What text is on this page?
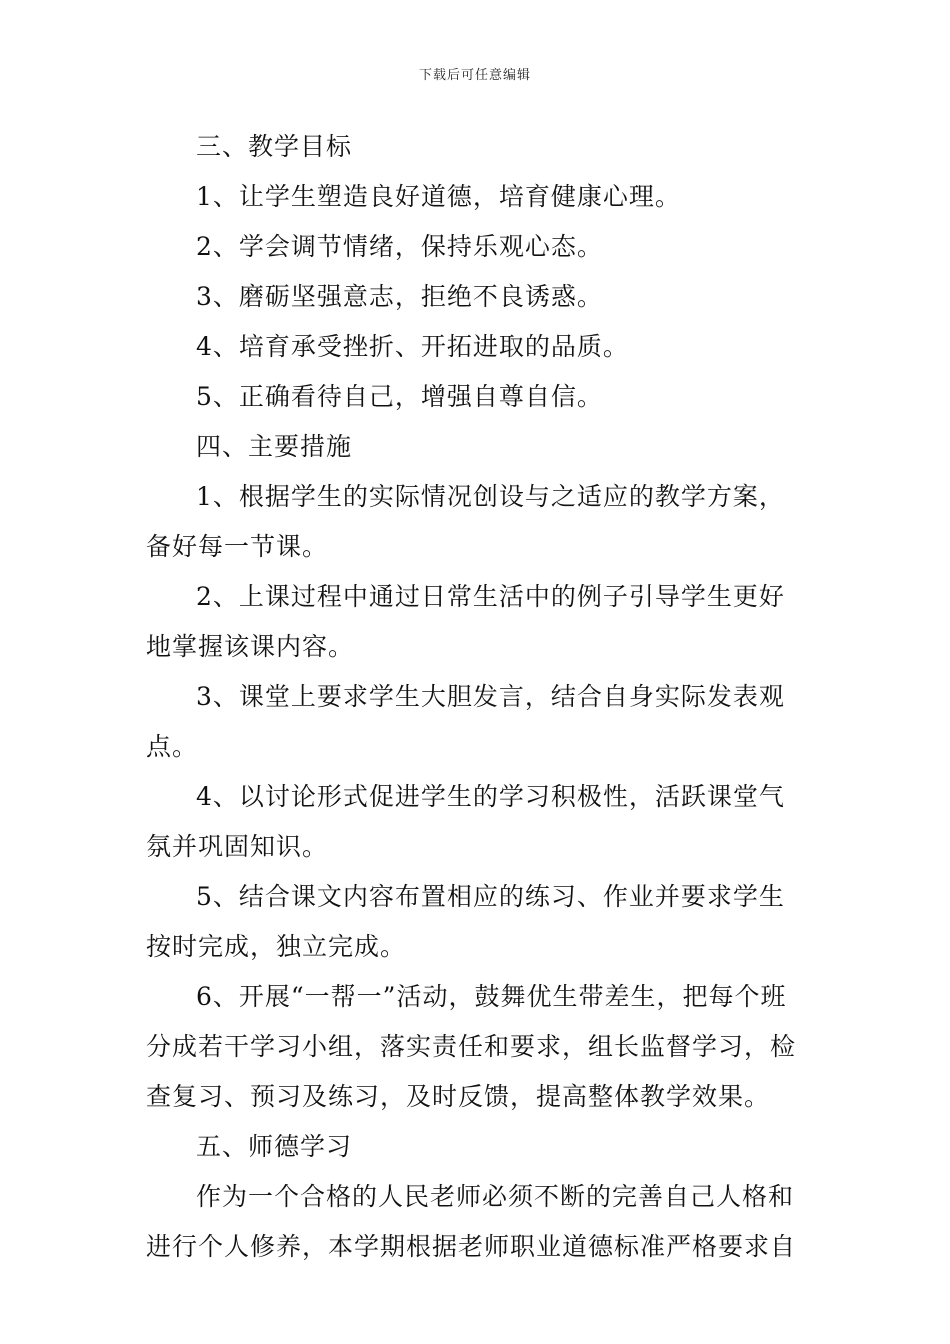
下载后可任意编辑

三、教学目标

1、让学生塑造良好道德，培育健康心理。

2、学会调节情绪，保持乐观心态。

3、磨砺坚强意志，拒绝不良诱惑。

4、培育承受挫折、开拓进取的品质。

5、正确看待自己，增强自尊自信。

四、主要措施

1、根据学生的实际情况创设与之适应的教学方案，备好每一节课。

2、上课过程中通过日常生活中的例子引导学生更好地掌握该课内容。

3、课堂上要求学生大胆发言，结合自身实际发表观点。

4、以讨论形式促进学生的学习积极性，活跃课堂气氛并巩固知识。

5、结合课文内容布置相应的练习、作业并要求学生按时完成，独立完成。

6、开展“一帮一”活动，鼓舞优生带差生，把每个班分成若干学习小组，落实责任和要求，组长监督学习，检查复习、预习及练习，及时反馈，提高整体教学效果。

五、师德学习

作为一个合格的人民老师必须不断的完善自己人格和进行个人修养，本学期根据老师职业道德标准严格要求自
